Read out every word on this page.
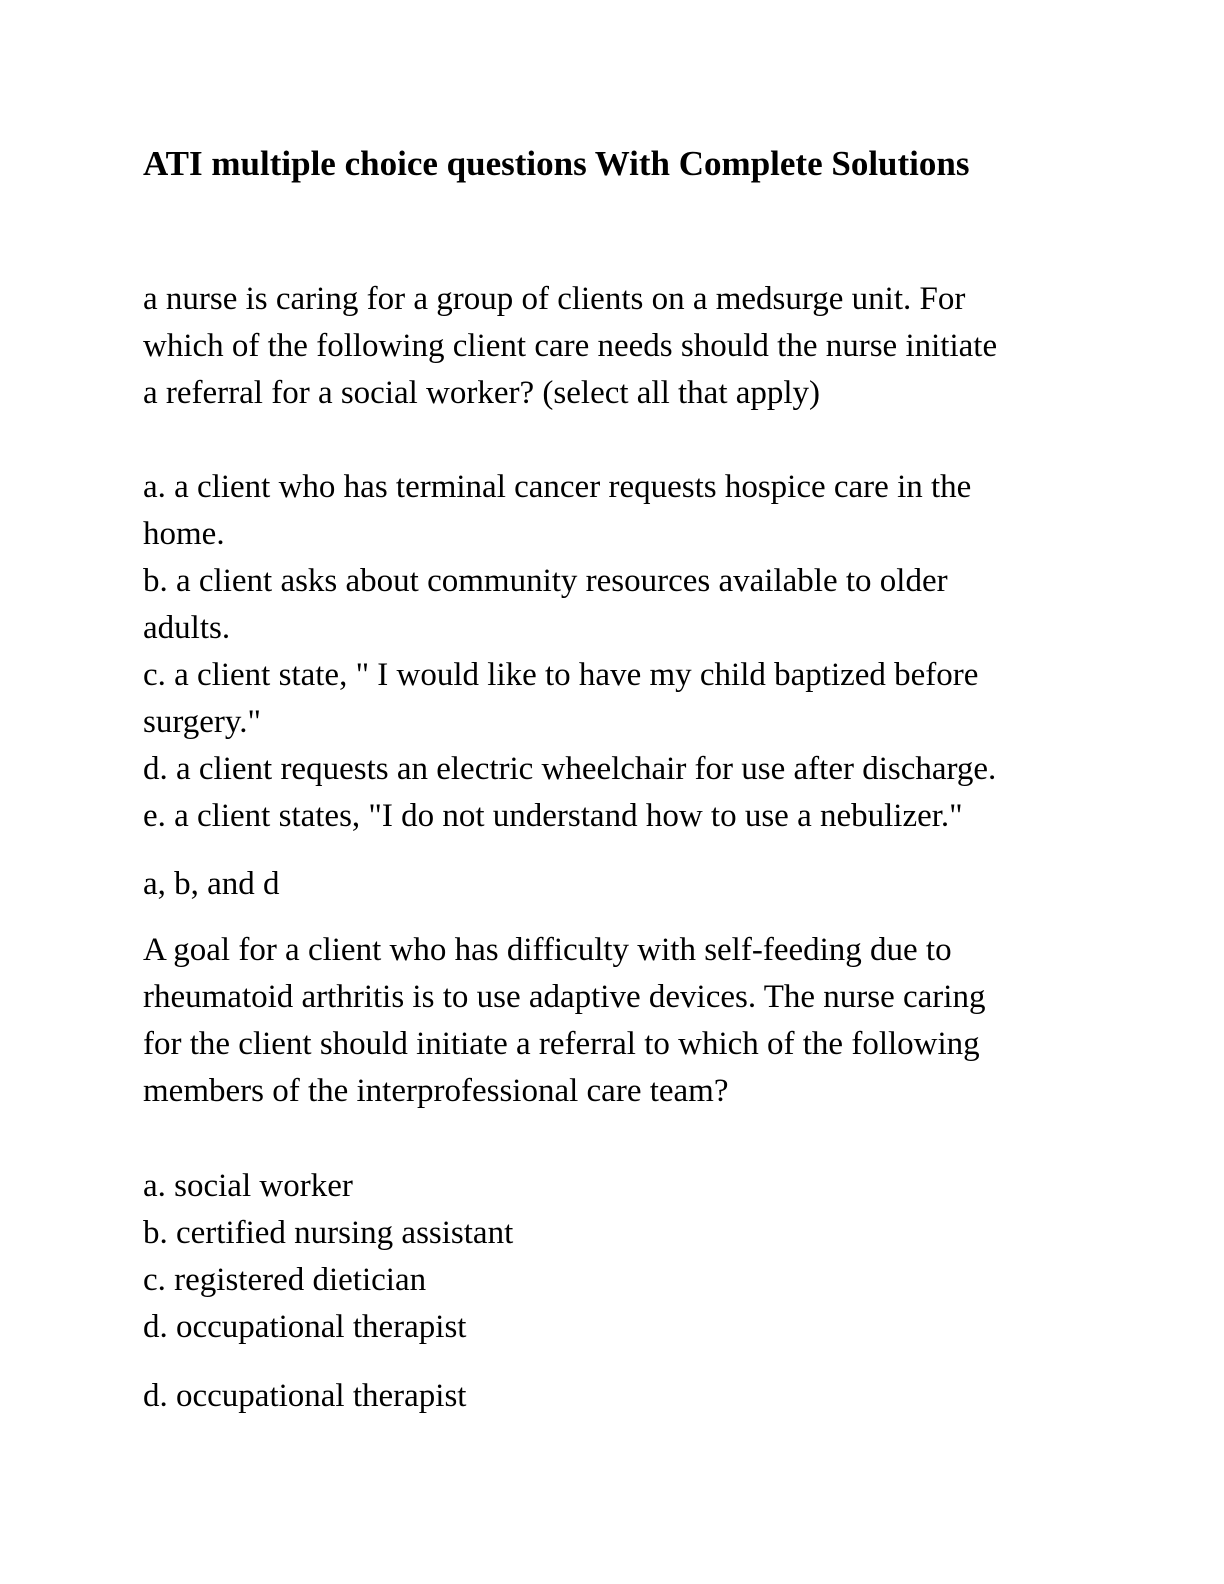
ATI multiple choice questions With Complete Solutions
a nurse is caring for a group of clients on a medsurge unit. For
which of the following client care needs should the nurse initiate
a referral for a social worker? (select all that apply)
a. a client who has terminal cancer requests hospice care in the
home.
b. a client asks about community resources available to older
adults.
c. a client state, " I would like to have my child baptized before
surgery."
d. a client requests an electric wheelchair for use after discharge.
e. a client states, "I do not understand how to use a nebulizer."
a, b, and d
A goal for a client who has difficulty with self-feeding due to
rheumatoid arthritis is to use adaptive devices. The nurse caring
for the client should initiate a referral to which of the following
members of the interprofessional care team?
a. social worker
b. certified nursing assistant
c. registered dietician
d. occupational therapist
d. occupational therapist
